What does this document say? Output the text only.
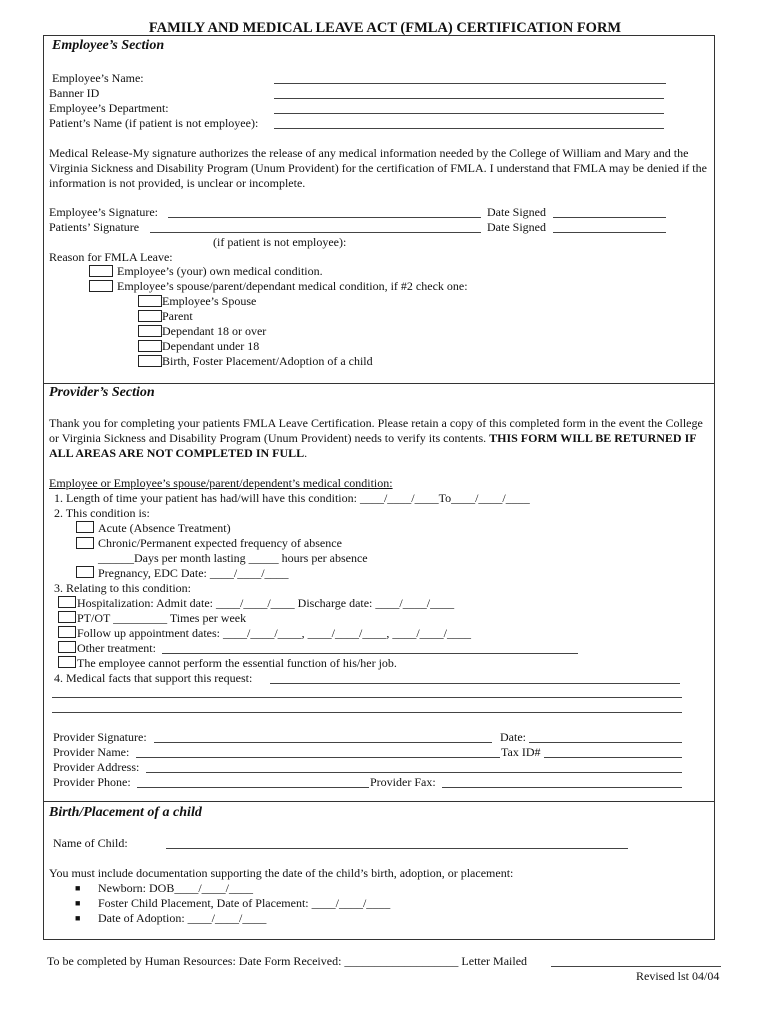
FAMILY AND MEDICAL LEAVE ACT (FMLA) CERTIFICATION FORM
Employee’s Section
Employee’s Name:
Banner ID
Employee’s Department:
Patient’s Name (if patient is not employee):
Medical Release-My signature authorizes the release of any medical information needed by the College of William and Mary and the Virginia Sickness and Disability Program (Unum Provident) for the certification of FMLA. I understand that FMLA may be denied if the information is not provided, is unclear or incomplete.
Employee’s Signature:	Date Signed
Patients’ Signature	Date Signed
(if patient is not employee):
Reason for FMLA Leave:
Employee’s (your) own medical condition.
Employee’s spouse/parent/dependant medical condition, if #2 check one:
Employee’s Spouse
Parent
Dependant 18 or over
Dependant under 18
Birth, Foster Placement/Adoption of a child
Provider’s Section
Thank you for completing your patients FMLA Leave Certification. Please retain a copy of this completed form in the event the College or Virginia Sickness and Disability Program (Unum Provident) needs to verify its contents. THIS FORM WILL BE RETURNED IF ALL AREAS ARE NOT COMPLETED IN FULL.
Employee or Employee’s spouse/parent/dependent’s medical condition:
1. Length of time your patient has had/will have this condition: ____/____/____To____/____/____
2. This condition is:
Acute (Absence Treatment)
Chronic/Permanent expected frequency of absence
______Days per month lasting _____ hours per absence
Pregnancy, EDC Date: ____/____/____
3. Relating to this condition:
Hospitalization: Admit date: ____/____/____ Discharge date: ____/____/____
PT/OT _________ Times per week
Follow up appointment dates: ____/____/____, ____/____/____, ____/____/____
Other treatment:
The employee cannot perform the essential function of his/her job.
4. Medical facts that support this request:
Provider Signature:	Date:
Provider Name:	Tax ID#
Provider Address:
Provider Phone:	Provider Fax:
Birth/Placement of a child
Name of Child:
You must include documentation supporting the date of the child’s birth, adoption, or placement:
■ Newborn: DOB____/____/____
■ Foster Child Placement, Date of Placement: ____/____/____
■ Date of Adoption: ____/____/____
To be completed by Human Resources: Date Form Received: ___________________ Letter Mailed
Revised lst 04/04
